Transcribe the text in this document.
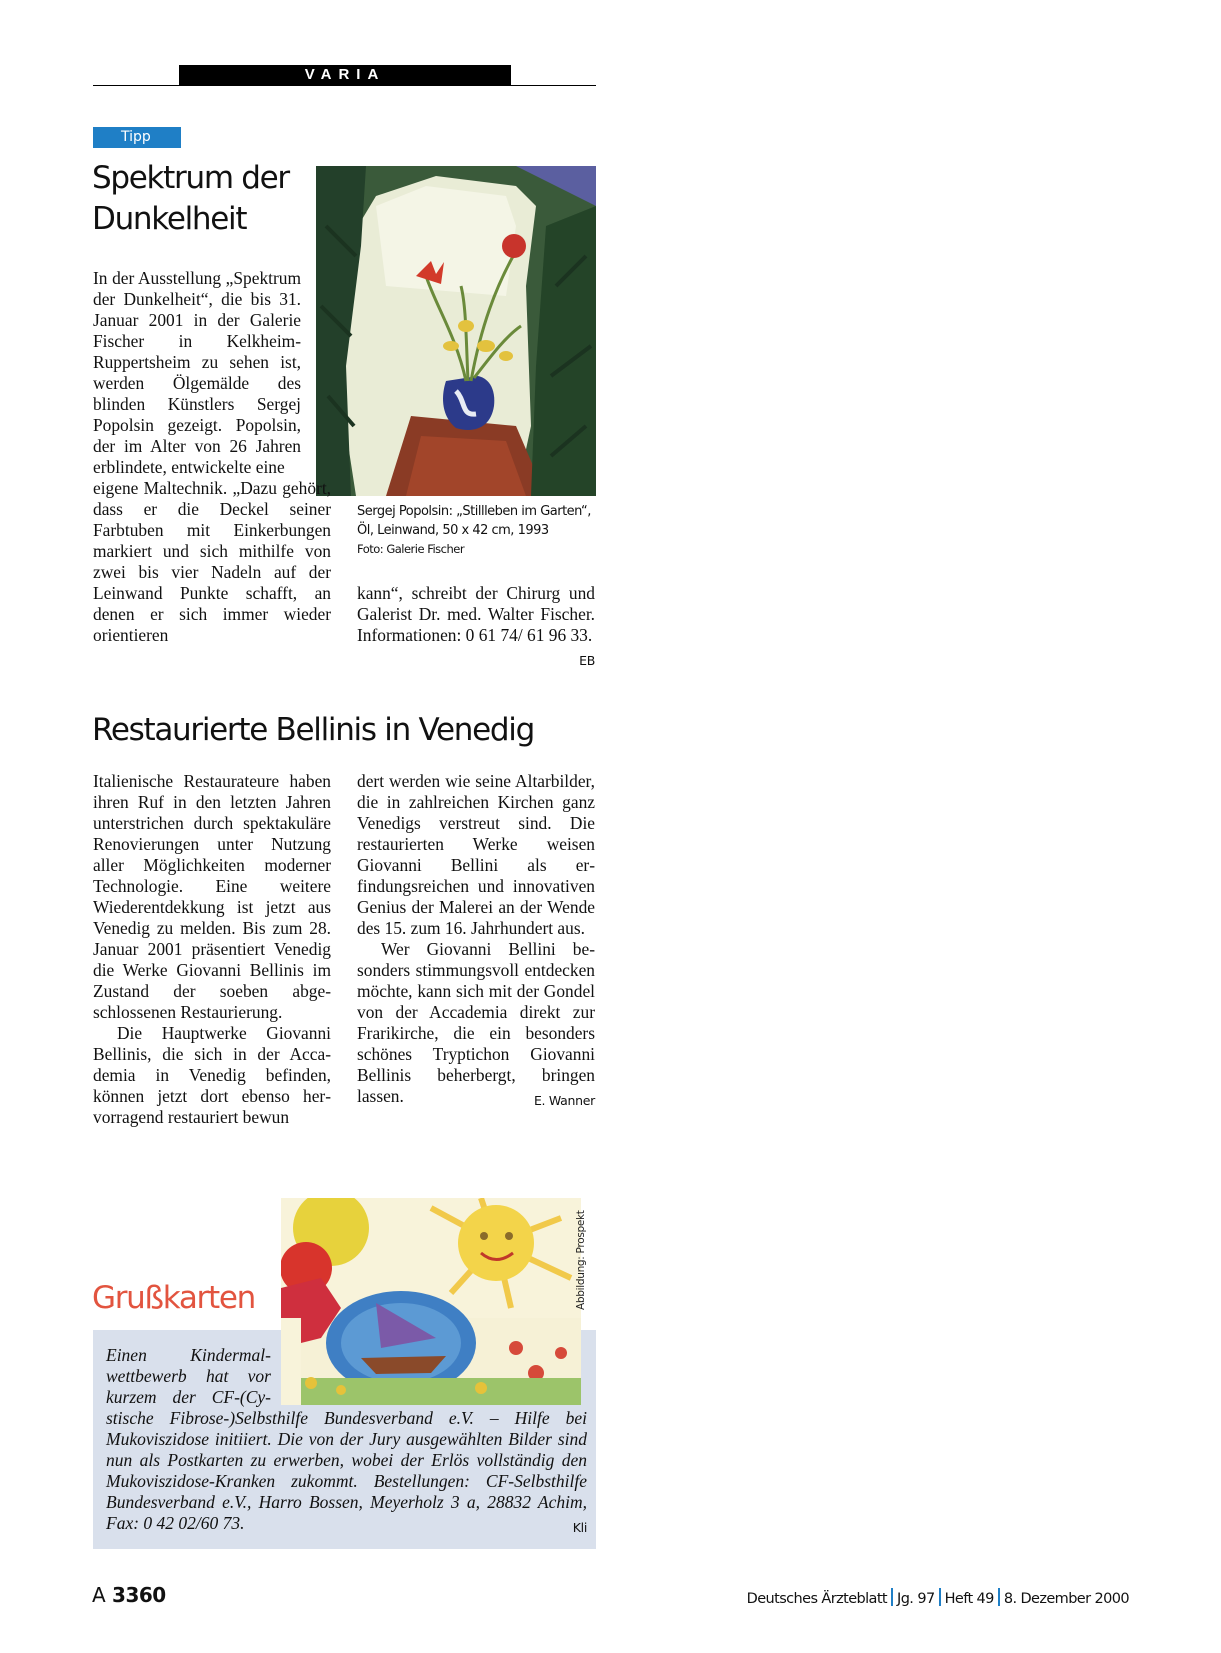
VARIA
Tipp
Spektrum der Dunkelheit
Sergej Popolsin: „Stillleben im Garten“, Öl, Leinwand, 50 x 42 cm, 1993
Foto: Galerie Fischer

In der Ausstellung „Spektrum der Dunkelheit“, die bis 31. Januar 2001 in der Galerie Fischer in Kelkheim-Ruppertsheim zu sehen ist, werden Ölgemälde des blinden Künstlers Sergej Popolsin gezeigt. Popolsin, der im Alter von 26 Jahren erblindete, entwickelte eine

eigene Maltechnik. „Dazu gehört, dass er die Deckel seiner Farbtuben mit Einkerbungen markiert und sich mithilfe von zwei bis vier Nadeln auf der Leinwand Punkte schafft, an denen er sich immer wieder orientieren

kann“, schreibt der Chirurg und Galerist Dr. med. Walter Fischer. Informationen: 0 61 74/ 61 96 33.
EB

Restaurierte Bellinis in Venedig

Italienische Restaurateure haben ihren Ruf in den letzten Jahren unterstrichen durch spektakuläre Renovierungen unter Nutzung aller Möglichkeiten moderner Technologie. Eine weitere Wiederentdekkung ist jetzt aus Venedig zu melden. Bis zum 28. Januar 2001 präsentiert Venedig die Werke Giovanni Bellinis im Zustand der soeben abgeschlossenen Restaurierung.

Die Hauptwerke Giovanni Bellinis, die sich in der Accademia in Venedig befinden, können jetzt dort ebenso hervorragend restauriert bewun

dert werden wie seine Altarbilder, die in zahlreichen Kirchen ganz Venedigs verstreut sind. Die restaurierten Werke weisen Giovanni Bellini als erfindungsreichen und innovativen Genius der Malerei an der Wende des 15. zum 16. Jahrhundert aus.

Wer Giovanni Bellini besonders stimmungsvoll entdecken möchte, kann sich mit der Gondel von der Accademia direkt zur Frarikirche, die ein besonders schönes Tryptichon Giovanni Bellinis beherbergt, bringen lassen.	E. Wanner

Grußkarten	Abbildung: Prospekt
Einen Kindermalwettbewerb hat vor kurzem der CF-(Cystische Fibrose-)Selbsthilfe Bundesverband e.V. – Hilfe bei Mukoviszidose initiiert. Die von der Jury ausgewählten Bilder sind nun als Postkarten zu erwerben, wobei der Erlös vollständig den Mukoviszidose-Kranken zukommt. Bestellungen: CF-Selbsthilfe Bundesverband e.V., Harro Bossen, Meyerholz 3 a, 28832 Achim, Fax: 0 42 02/60 73.	Kli
A 3360	Deutsches Ärzteblatt Jg. 97 Heft 49 8. Dezember 2000
